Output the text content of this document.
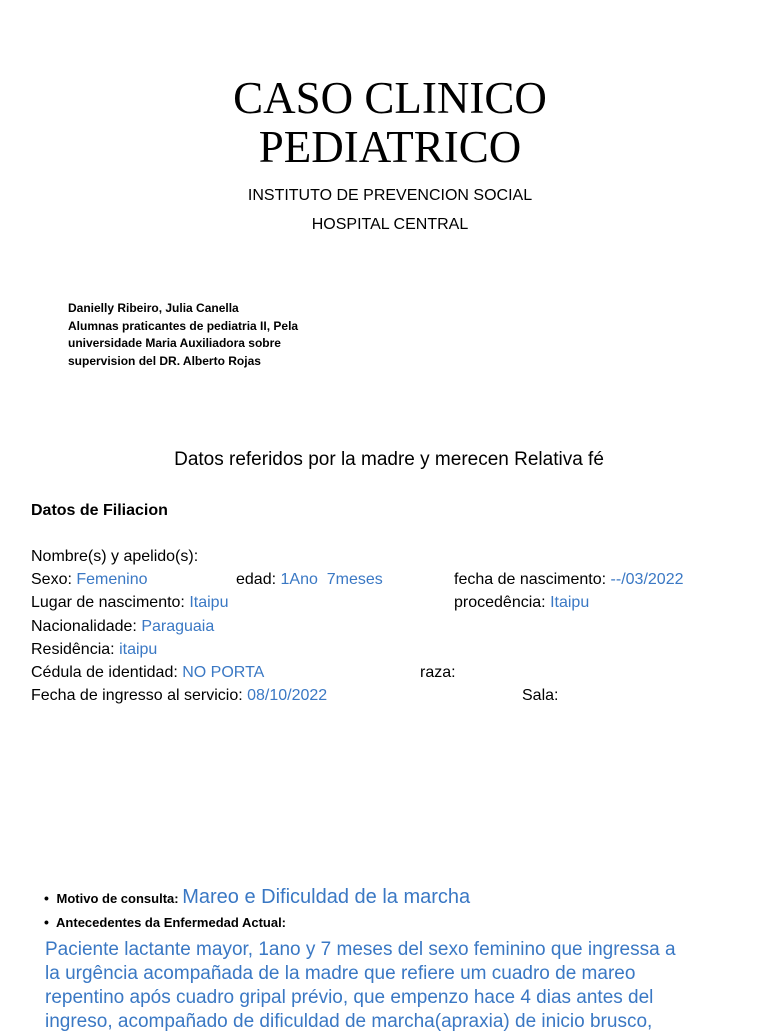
CASO CLINICO
PEDIATRICO
INSTITUTO DE PREVENCION SOCIAL
HOSPITAL CENTRAL
Danielly Ribeiro, Julia Canella
Alumnas praticantes de pediatria II, Pela
universidade Maria Auxiliadora sobre
supervision del DR. Alberto Rojas
Datos referidos por la madre y merecen Relativa fé
Datos de Filiacion
Nombre(s) y apelido(s):
Sexo: Femenino	edad: 1Ano  7meses	fecha de nascimento: --/03/2022
Lugar de nascimento: Itaipu	procedência: Itaipu
Nacionalidade: Paraguaia
Residência: itaipu
Cédula de identidad: NO PORTA	raza:
Fecha de ingresso al servicio: 08/10/2022	Sala:
• Motivo de consulta: Mareo e Dificuldad de la marcha
• Antecedentes da Enfermedad Actual:
Paciente lactante mayor, 1ano y 7 meses del sexo feminino que ingressa a
la urgência acompañada de la madre que refiere um cuadro de mareo
repentino após cuadro gripal prévio, que empenzo hace 4 dias antes del
ingreso, acompañado de dificuldad de marcha(apraxia) de inicio brusco,
